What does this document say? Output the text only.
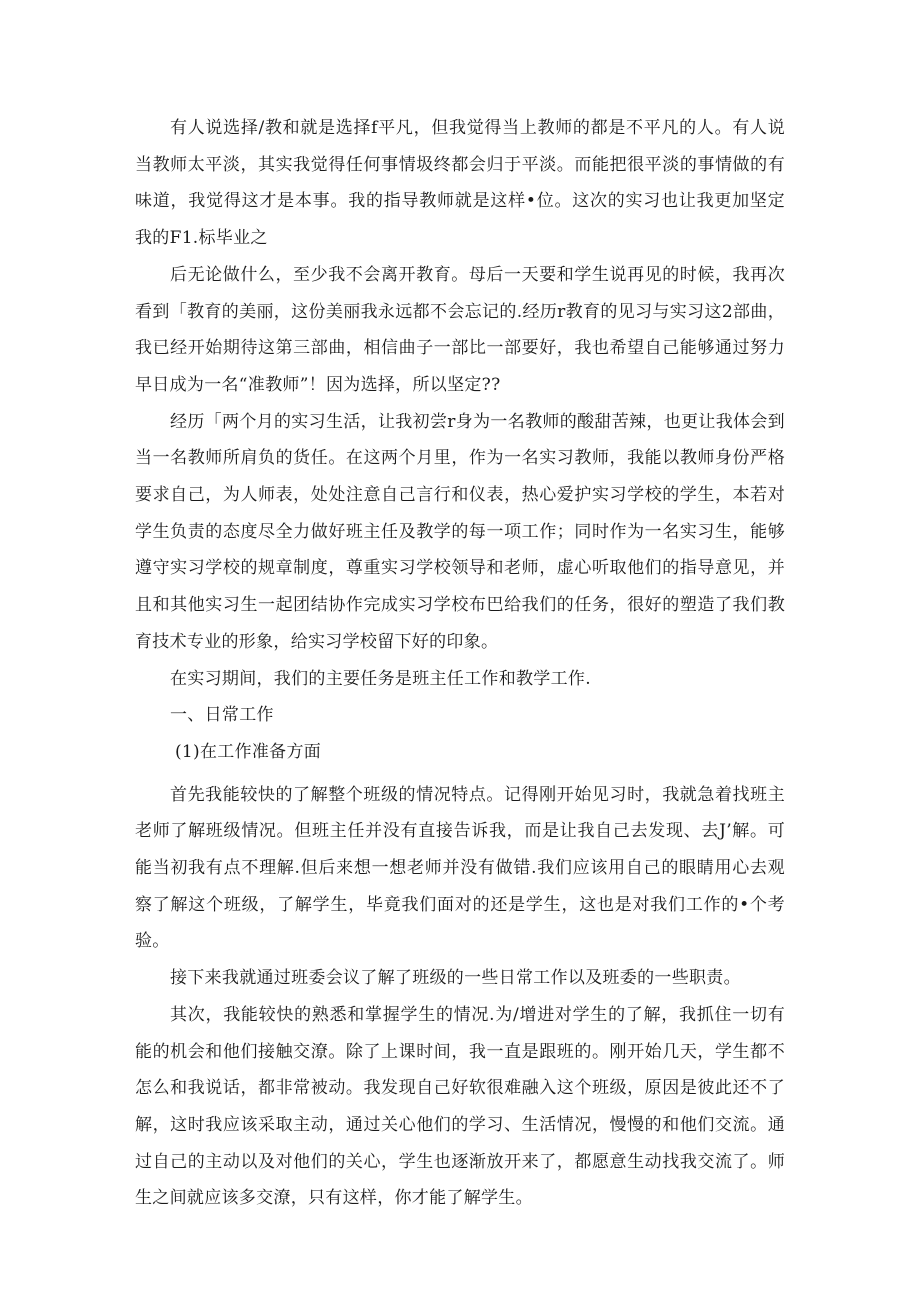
有人说选择/教和就是选择f平凡，但我觉得当上教师的都是不平凡的人。有人说当教师太平淡，其实我觉得任何事情圾终都会归于平淡。而能把很平淡的事情做的有味道，我觉得这才是本事。我的指导教师就是这样•位。这次的实习也让我更加坚定我的F1.标毕业之

后无论做什么，至少我不会离开教育。母后一天要和学生说再见的时候，我再次看到「教育的美丽，这份美丽我永远都不会忘记的.经历r教育的见习与实习这2部曲，我已经开始期待这第三部曲，相信曲子一部比一部要好，我也希望自己能够通过努力早日成为一名“准教师”！因为选择，所以坚定??

经历「两个月的实习生活，让我初尝r身为一名教师的酸甜苦辣，也更让我体会到当一名教师所肩负的货任。在这两个月里，作为一名实习教师，我能以教师身份严格要求自己，为人师表，处处注意自己言行和仪表，热心爱护实习学校的学生，本若对学生负责的态度尽全力做好班主任及教学的每一项工作；同时作为一名实习生，能够遵守实习学校的规章制度，尊重实习学校领导和老师，虚心听取他们的指导意见，并且和其他实习生一起团结协作完成实习学校布巴给我们的任务，很好的塑造了我们教育技术专业的形象，给实习学校留下好的印象。

在实习期间，我们的主要任务是班主任工作和教学工作.

一、日常工作

(1)在工作准备方面

首先我能较快的了解整个班级的情况特点。记得刚开始见习时，我就急着找班主老师了解班级情况。但班主任并没有直接告诉我，而是让我自己去发现、去J’解。可能当初我有点不理解.但后来想一想老师并没有做错.我们应该用自己的眼睛用心去观察了解这个班级，了解学生，毕竟我们面对的还是学生，这也是对我们工作的•个考验。

接下来我就通过班委会议了解了班级的一些日常工作以及班委的一些职责。

其次，我能较快的熟悉和掌握学生的情况.为/增进对学生的了解，我抓住一切有能的机会和他们接触交潦。除了上课时间，我一直是跟班的。刚开始几天，学生都不怎么和我说话，都非常被动。我发现自己好软很难融入这个班级，原因是彼此还不了解，这时我应该采取主动，通过关心他们的学习、生活情况，慢慢的和他们交流。通过自己的主动以及对他们的关心，学生也逐渐放开来了，都愿意生动找我交流了。师生之间就应该多交潦，只有这样，你才能了解学生。
